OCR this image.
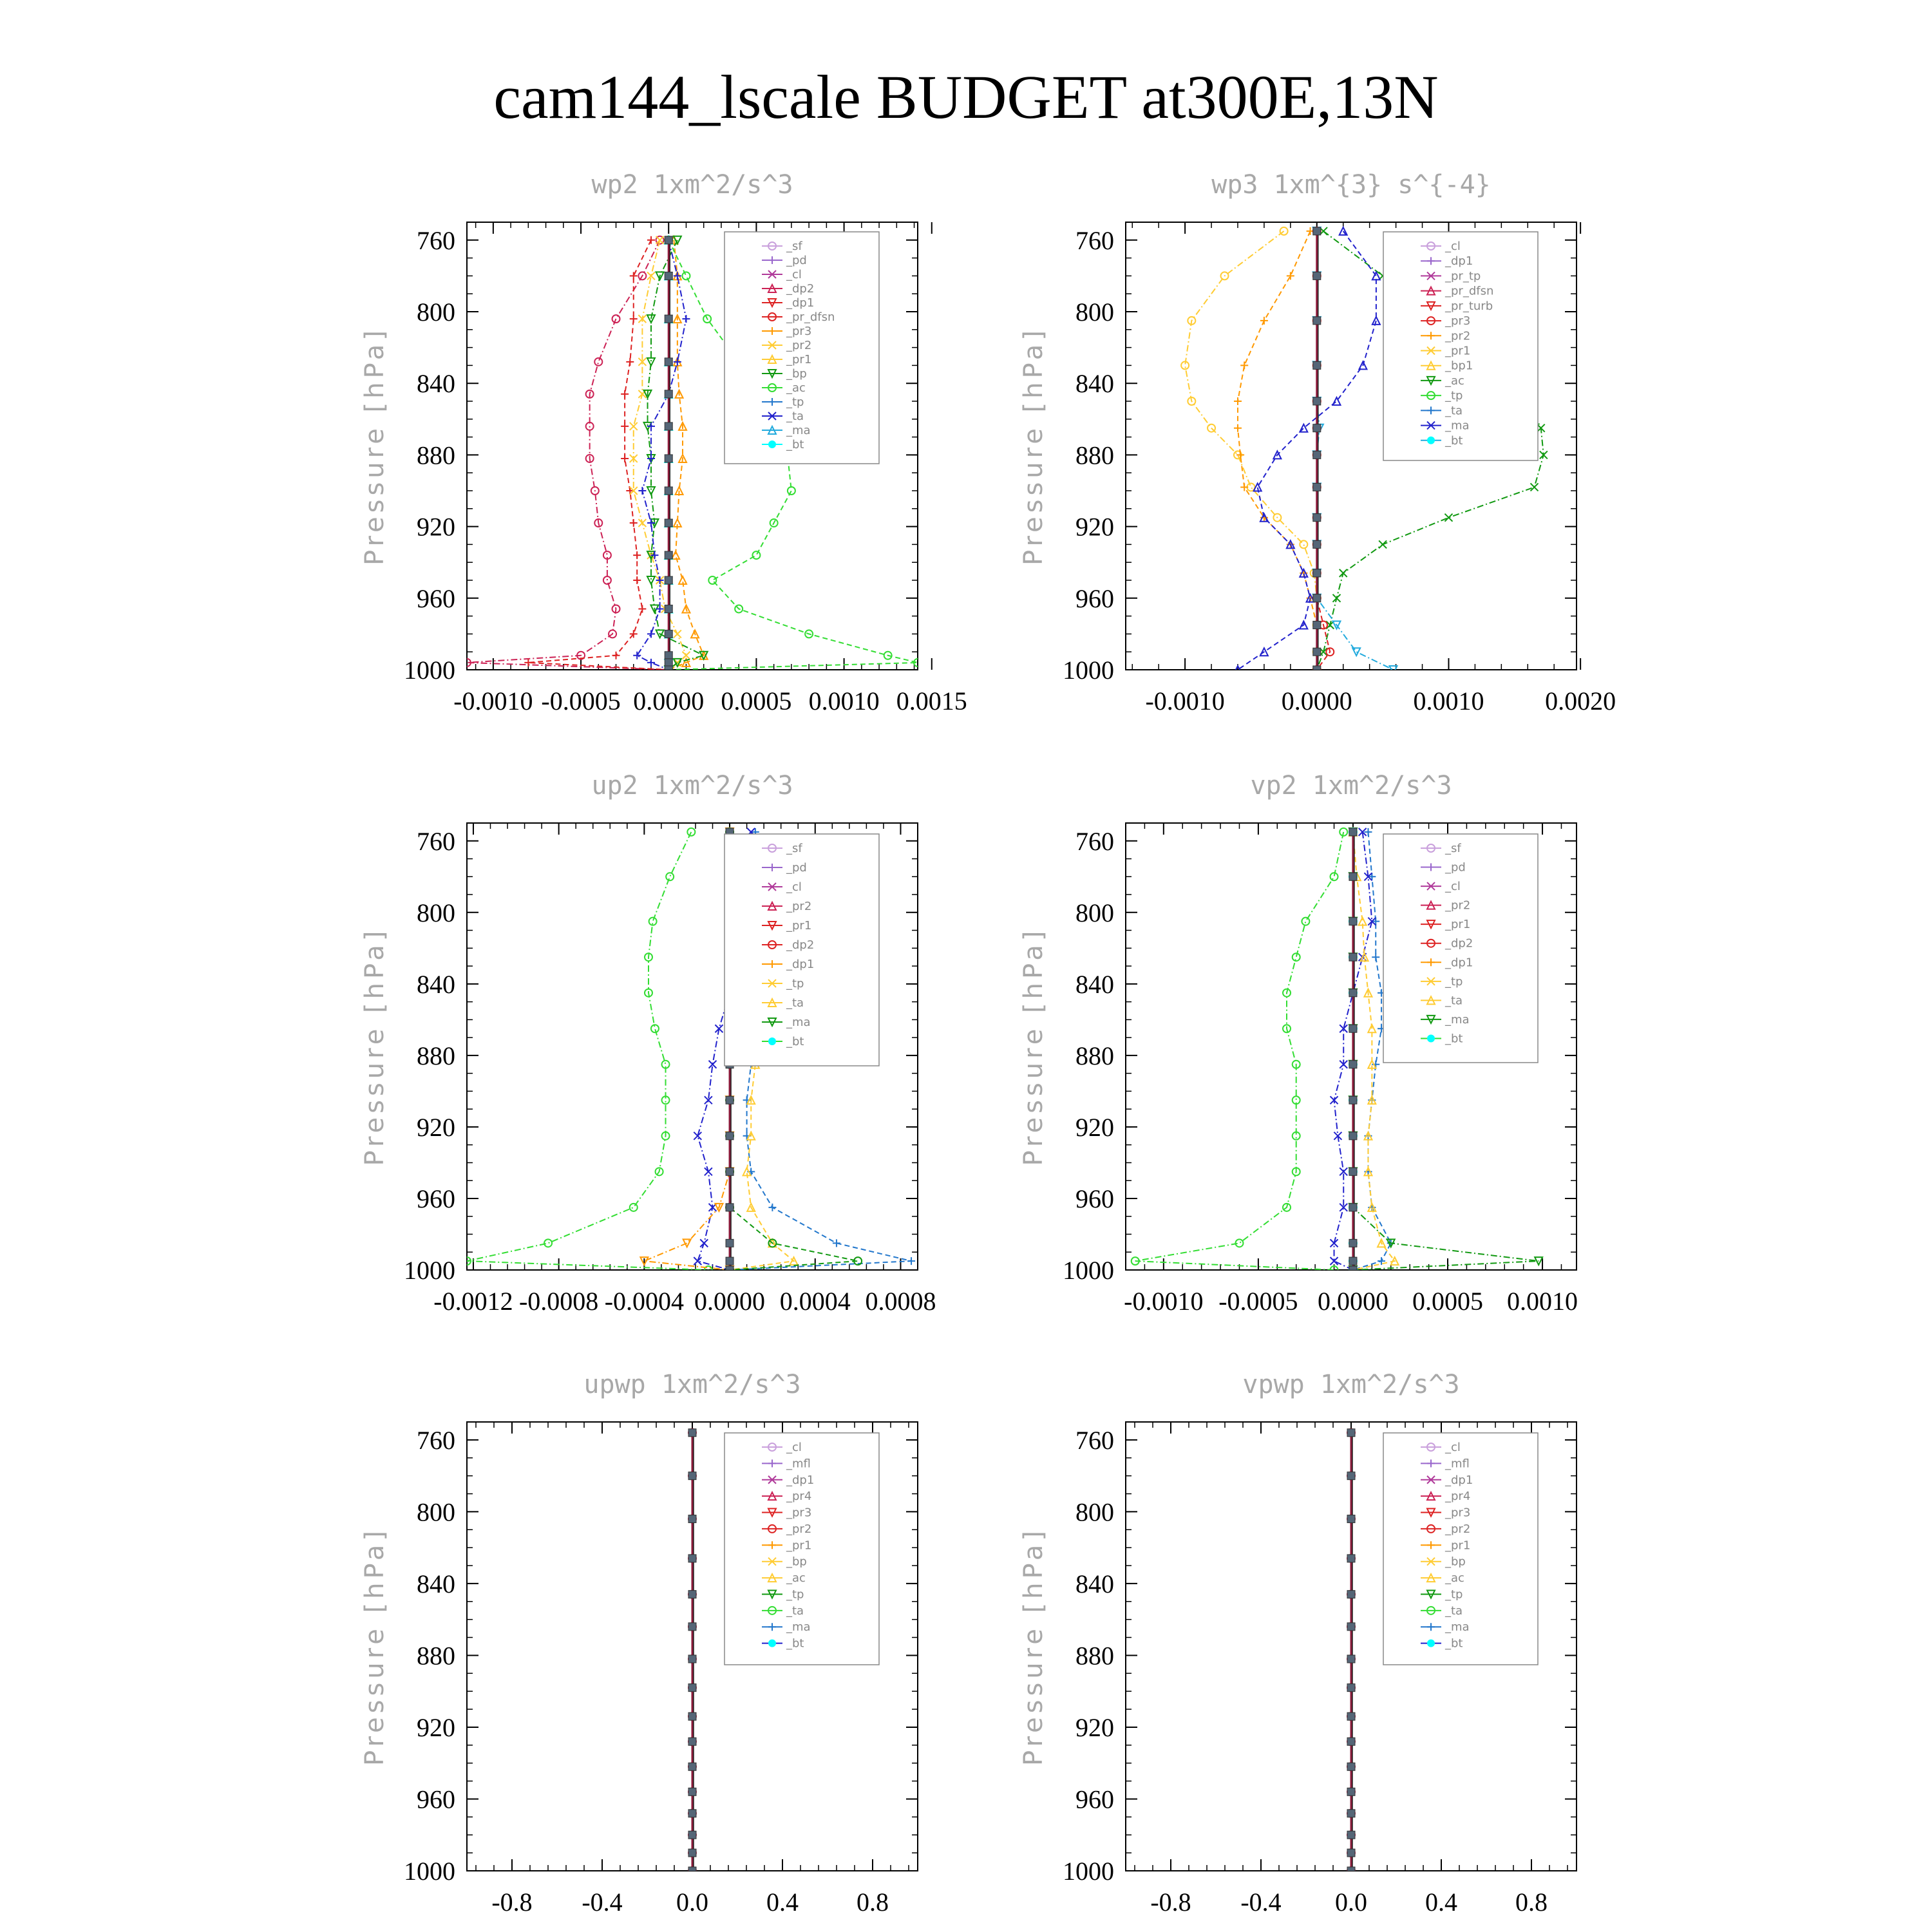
cam144_lscale BUDGET at300E,13N
wp2 1xm^2/s^3
Pressure [hPa]
760
800
840
880
920
960
1000
-0.0010 -0.0005 0.0000 0.0005 0.0010 0.0015
_sf
_pd
_cl
_dp2
_dp1
_pr_dfsn
_pr3
_pr2
_pr1
_bp
_ac
_tp
_ta
_ma
_bt
wp3 1xm^{3} s^{-4}
Pressure [hPa]
760
800
840
880
920
960
1000
-0.0010 0.0000 0.0010 0.0020
_cl
_dp1
_pr_tp
_pr_dfsn
_pr_turb
_pr3
_pr2
_pr1
_bp1
_ac
_tp
_ta
_ma
_bt
up2 1xm^2/s^3
Pressure [hPa]
760
800
840
880
920
960
1000
-0.0012 -0.0008 -0.0004 0.0000 0.0004 0.0008
_sf
_pd
_cl
_pr2
_pr1
_dp2
_dp1
_tp
_ta
_ma
_bt
vp2 1xm^2/s^3
Pressure [hPa]
760
800
840
880
920
960
1000
-0.0010 -0.0005 0.0000 0.0005 0.0010
_sf
_pd
_cl
_pr2
_pr1
_dp2
_dp1
_tp
_ta
_ma
_bt
upwp 1xm^2/s^3
Pressure [hPa]
760
800
840
880
920
960
1000
-0.8 -0.4 0.0 0.4 0.8
_cl
_mfl
_dp1
_pr4
_pr3
_pr2
_pr1
_bp
_ac
_tp
_ta
_ma
_bt
vpwp 1xm^2/s^3
Pressure [hPa]
760
800
840
880
920
960
1000
-0.8 -0.4 0.0 0.4 0.8
_cl
_mfl
_dp1
_pr4
_pr3
_pr2
_pr1
_bp
_ac
_tp
_ta
_ma
_bt
